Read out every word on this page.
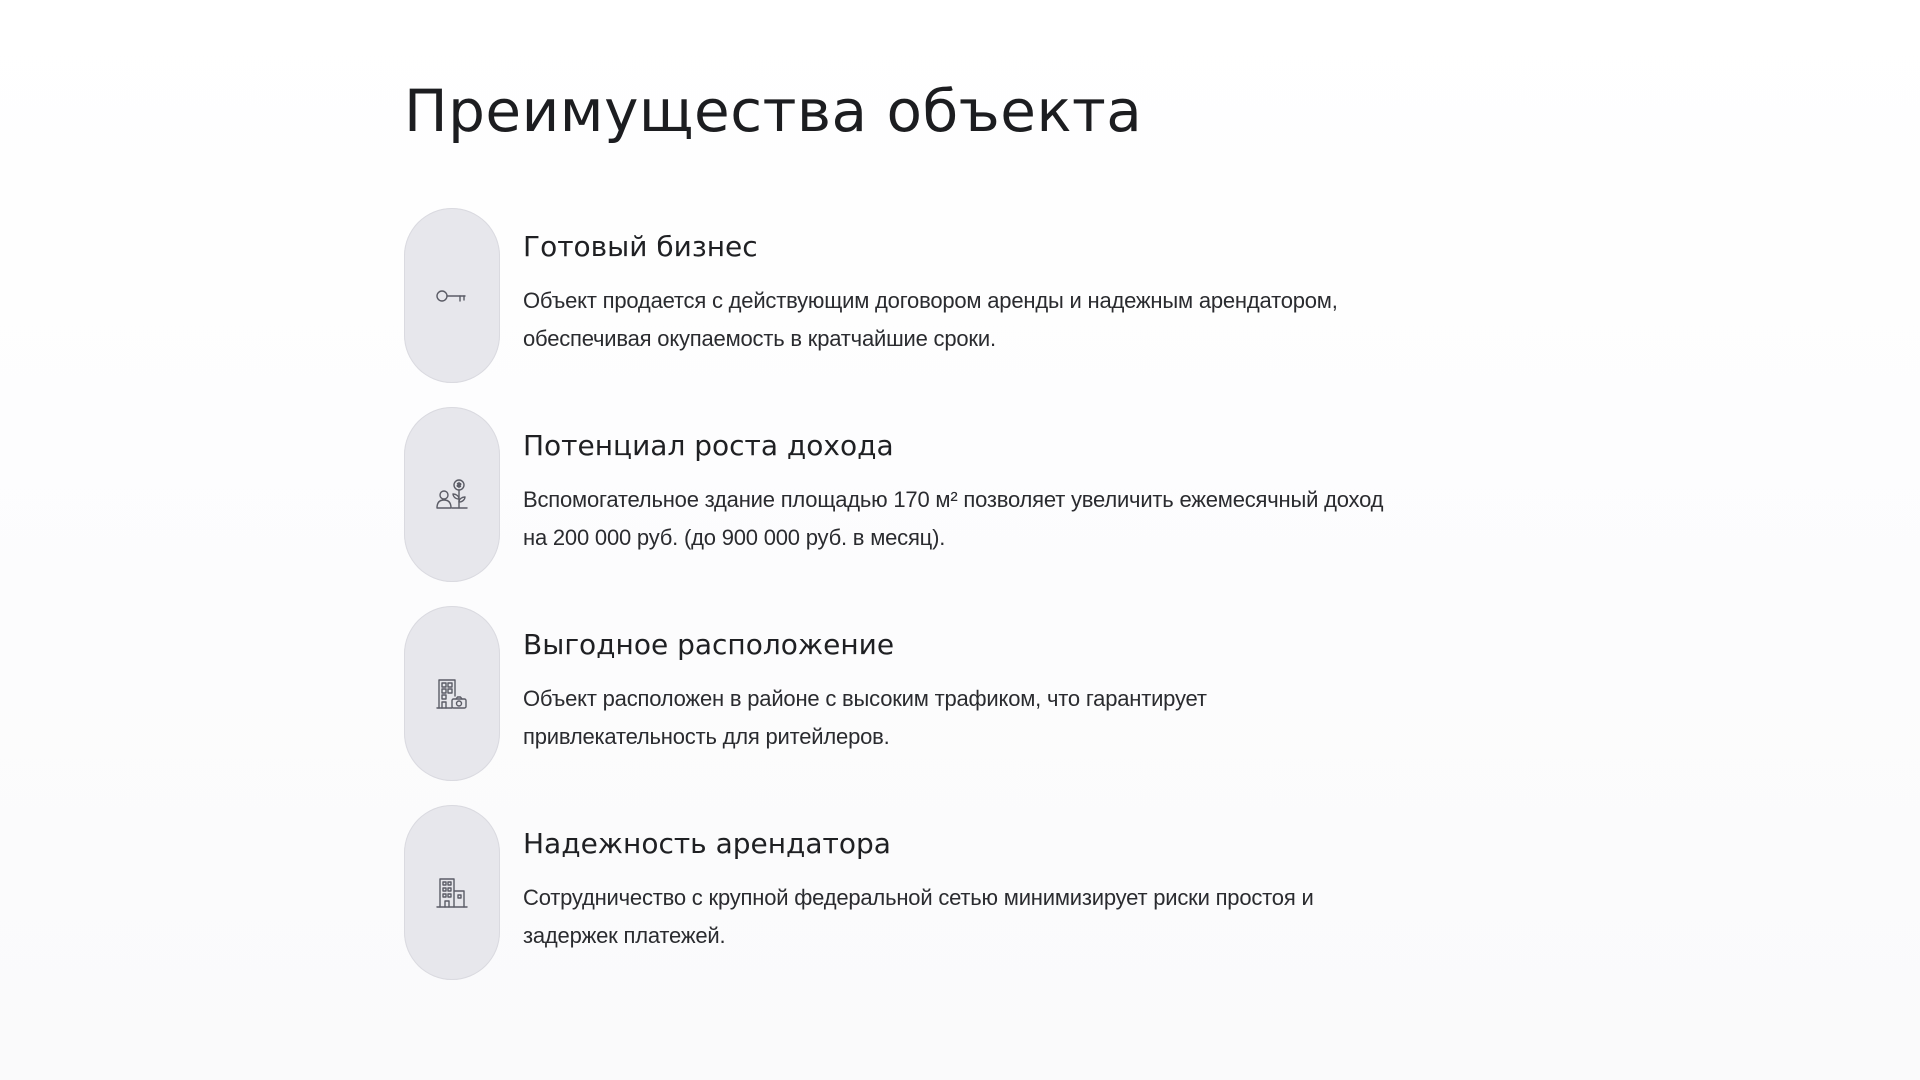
Преимущества объекта
Готовый бизнес

Объект продается с действующим договором аренды и надежным арендатором, обеспечивая окупаемость в кратчайшие сроки.

Потенциал роста дохода

Вспомогательное здание площадью 170 м² позволяет увеличить ежемесячный доход на 200 000 руб. (до 900 000 руб. в месяц).

Выгодное расположение

Объект расположен в районе с высоким трафиком, что гарантирует привлекательность для ритейлеров.

Надежность арендатора

Сотрудничество с крупной федеральной сетью минимизирует риски простоя и задержек платежей.
